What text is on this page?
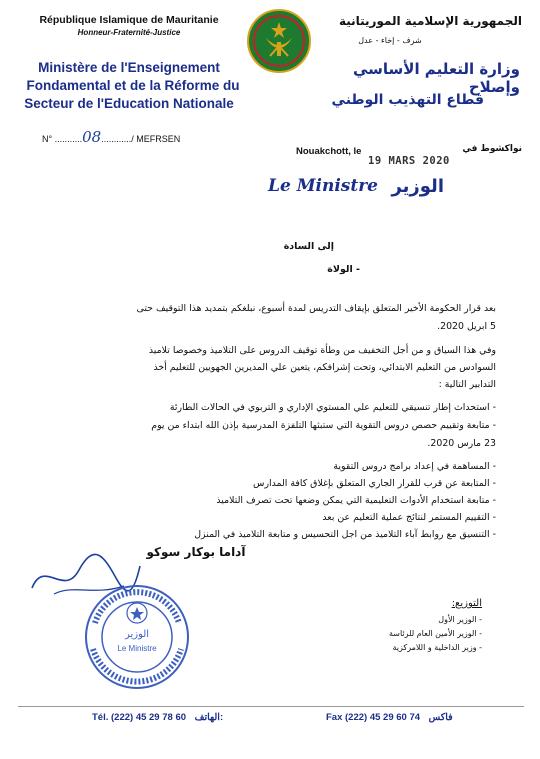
République Islamique de Mauritanie
Honneur-Fraternité-Justice
Ministère de l'Enseignement
Fondamental et de la Réforme du
Secteur de l'Education Nationale
N° ...........08............/ MEFRSEN
الجمهورية الإسلامية الموريتانية
شرف - إخاء - عدل
وزارة التعليم الأساسي وإصلاح
قطاع التهذيب الوطني
Nouakchott, le	نواكشوط في
19 MARS 2020
Le Ministre الوزير
إلى السادة
- الولاة
بعد قرار الحكومة الأخير المتعلق بإيقاف التدريس لمدة أسبوع، نبلغكم بتمديد هذا التوقيف حتى
5 ابريل 2020.
وفي هذا السياق و من أجل التخفيف من وطأة توقيف الدروس على التلاميذ وخصوصا تلاميذ
السوادس من التعليم الابتدائي، وتحت إشرافكم، يتعين علي المديرين الجهويين للتعليم أخذ
التدابير التالية :
- استحداث إطار تنسيقي للتعليم علي المستوي الإداري و التربوي في الحالات الطارئة
- متابعة وتقييم حصص دروس التقوية التي ستبثها التلفزة المدرسية بإذن الله ابتداء من يوم
23 مارس 2020.
- المساهمة في إعداد برامج دروس التقوية
- المتابعة عن قرب للقرار الجاري المتعلق بإغلاق كافة المدارس
- متابعة استخدام الأدوات التعليمية التي يمكن وضعها تحت تصرف التلاميذ
- التقييم المستمر لنتائج عملية التعليم عن بعد
- التنسيق مع روابط آباء التلاميذ من اجل التحسيس و متابعة التلاميذ في المنزل
آداما بوكار سوكو
الوزير
Le Ministre
التوزيع:
- الوزير الأول
- الوزير الأمين العام للرئاسة
- وزير الداخلية و اللامركزية
Tél. (222) 45 29 78 60 الهاتف:	Fax (222) 45 29 60 74 فاكس
